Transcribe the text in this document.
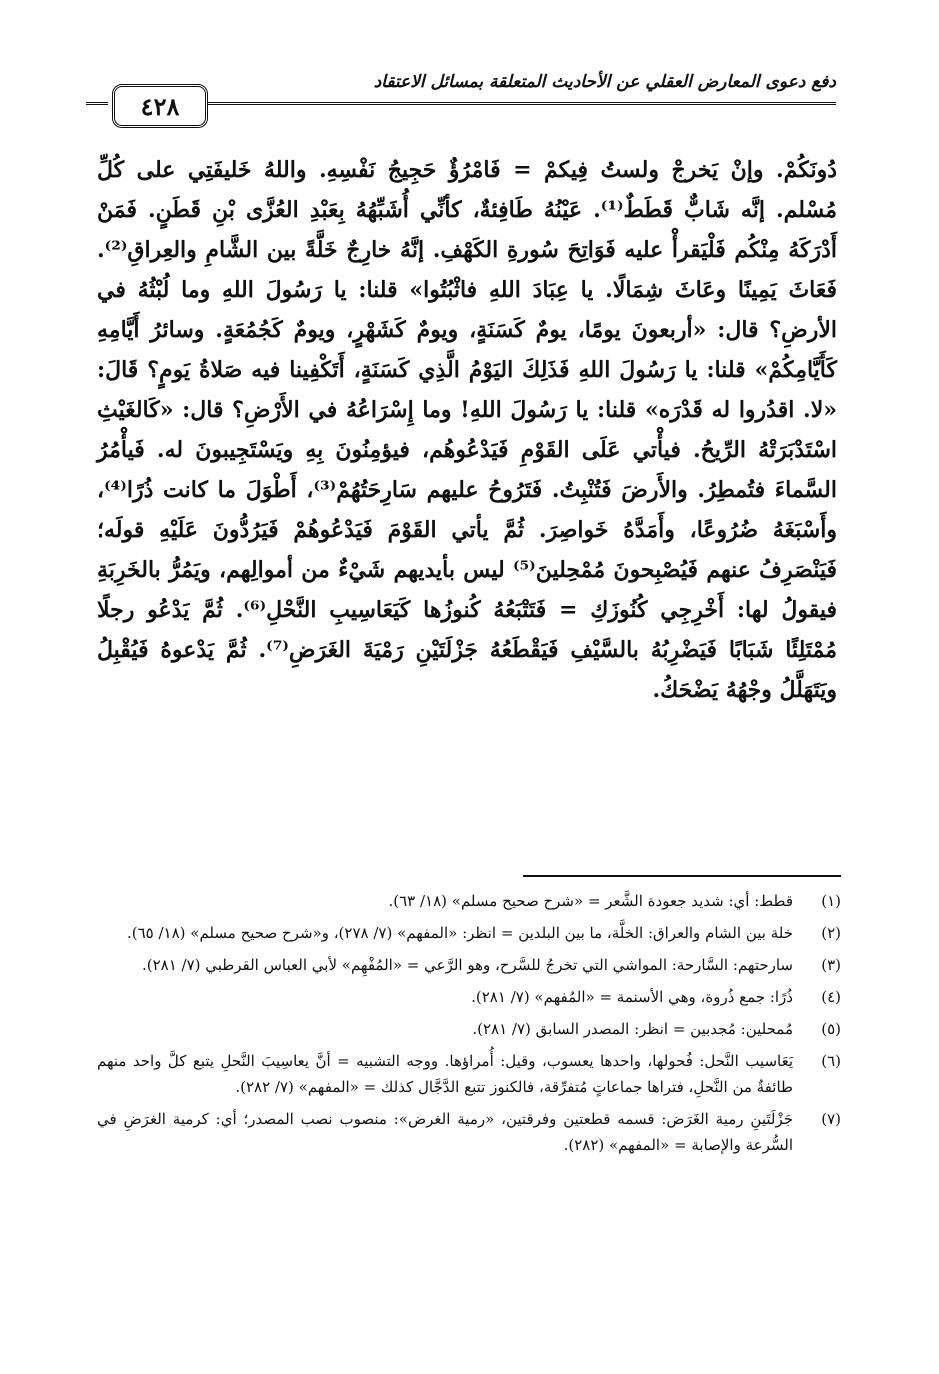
دفع دعوى المعارض العقلي عن الأحاديث المتعلقة بمسائل الاعتقاد
٤٢٨

دُونَكُمْ. وإنْ يَخرجْ ولستُ فِيكمْ = فَامْرُؤٌ حَجِيجُ نَفْسِهِ. واللهُ خَليفَتِي على كُلِّ مُسْلم. إنَّه شَابٌّ قَطَطٌ⁽¹⁾. عَيْنُهُ طَافِئةٌ، كأنِّي أُشَبِّهُهُ بِعَبْدِ العُزَّى بْنِ قَطَنٍ. فَمَنْ أَدْرَكَهُ مِنْكُم فَلْيَقرأْ عليه فَوَاتِحَ سُورةِ الكَهْفِ. إنَّهُ خارِجٌ خَلَّةً بين الشَّامِ والعِراقِ⁽²⁾. فَعَاثَ يَمِينًا وعَاثَ شِمَالًا. يا عِبَادَ اللهِ فاثْبُتُوا» قلنا: يا رَسُولَ اللهِ وما لُبْثُهُ في الأرضِ؟ قال: «أربعونَ يومًا، يومٌ كَسَنَةٍ، ويومٌ كَشَهْرٍ، ويومٌ كَجُمُعَةٍ. وسائرُ أَيَّامِهِ كَأَيَّامِكُمْ» قلنا: يا رَسُولَ اللهِ فَذَلِكَ اليَوْمُ الَّذِي كَسَنَةٍ، أَتَكْفِينا فيه صَلاةُ يَومٍ؟ قَالَ: «لا. اقدُروا له قَدْرَه» قلنا: يا رَسُولَ اللهِ! وما إِسْرَاعُهُ في الأَرْضِ؟ قال: «كَالغَيْثِ اسْتَدْبَرَتْهُ الرِّيحُ. فيأْتي عَلَى القَوْمِ فَيَدْعُوهُم، فيؤمِنُونَ بِهِ ويَسْتَجِيبونَ له. فَيأْمُرُ السَّماءَ فتُمطِرُ. والأَرضَ فَتُنْبِتُ. فَتَرُوحُ عليهم سَارِحَتُهُمْ⁽³⁾، أَطْوَلَ ما كانت ذُرًا⁽⁴⁾، وأَسْبَغَهُ ضُرُوعًا، وأَمَدَّهُ خَواصِرَ. ثُمَّ يأتي القَوْمَ فَيَدْعُوهُمْ فَيَرُدُّونَ عَلَيْهِ قولَه؛ فَيَنْصَرِفُ عنهم فَيُصْبِحونَ مُمْحِلينَ⁽⁵⁾ ليس بأيديهم شَيْءٌ من أموالِهم، ويَمُرُّ بالخَرِبَةِ فيقولُ لها: أَخْرِجِي كُنُوزَكِ = فَتَتْبَعُهُ كُنوزُها كَيَعَاسِيبِ النَّحْلِ⁽⁶⁾. ثُمَّ يَدْعُو رجلًا مُمْتَلِئًا شَبَابًا فَيَضْرِبُهُ بالسَّيْفِ فَيَقْطَعُهُ جَزْلَتَيْنِ رَمْيَةَ الغَرَضِ⁽⁷⁾. ثُمَّ يَدْعوهُ فَيُقْبِلُ ويَتَهَلَّلُ وجْهُهُ يَضْحَكُ.

(١)
قطط: أي: شديد جعودة الشَّعر = «شرح صحيح مسلم» (١٨/ ٦٣).
(٢)
خلة بين الشام والعراق: الخلَّة، ما بين البلدين = انظر: «المفهم» (٧/ ٢٧٨)، و«شرح صحيح مسلم» (١٨/ ٦٥).
(٣)
سارحتهم: السَّارحة: المواشي التي تخرجُ للسَّرح، وهو الرَّعي = «المُفْهِم» لأبي العباس القرطبي (٧/ ٢٨١).
(٤)
ذُرًا: جمع ذُروة، وهي الأسنمة = «المُفهم» (٧/ ٢٨١).
(٥)
مُمحلين: مُجدبين = انظر: المصدر السابق (٧/ ٢٨١).
(٦)
يَعَاسيب النَّحل: فُحولها، واحدها يعسوب، وقيل: أُمراؤها. ووجه التشبيه = أنَّ يعاسِيبَ النَّحلِ يتبع كلَّ واحد منهم طائفةٌ من النَّحلِ، فتراها جماعاتٍ مُتفرِّقة، فالكنوز تتبع الدَّجَّال كذلك = «المفهم» (٧/ ٢٨٢).
(٧)
جَزْلَتَينِ رمية الغَرَض: قسمه قطعتين وفرقتين، «رمية الغرض»: منصوب نصب المصدر؛ أي: كرمية الغرَضِ في السُّرعة والإصابة = «المفهم» (٢٨٢).
